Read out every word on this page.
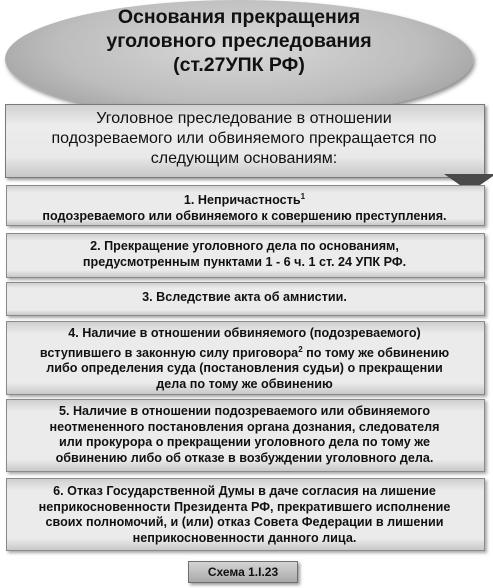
Основания прекращения
уголовного преследования
(ст.27УПК РФ)
Уголовное преследование в отношении
подозреваемого или обвиняемого прекращается по
следующим основаниям:
1. Непричастность$^1$
подозреваемого или обвиняемого к совершению преступления.
2. Прекращение уголовного дела по основаниям,
предусмотренным пунктами 1 - 6 ч. 1 ст. 24 УПК РФ.
3. Вследствие акта об амнистии.
4. Наличие в отношении обвиняемого (подозреваемого)
вступившего в законную силу приговора$^2$ по тому же обвинению
либо определения суда (постановления судьи) о прекращении
дела по тому же обвинению
5. Наличие в отношении подозреваемого или обвиняемого
неотмененного постановления органа дознания, следователя
или прокурора о прекращении уголовного дела по тому же
обвинению либо об отказе в возбуждении уголовного дела.
6. Отказ Государственной Думы в даче согласия на лишение
неприкосновенности Президента РФ, прекратившего исполнение
своих полномочий, и (или) отказ Совета Федерации в лишении
неприкосновенности данного лица.
Схема 1.I.23
